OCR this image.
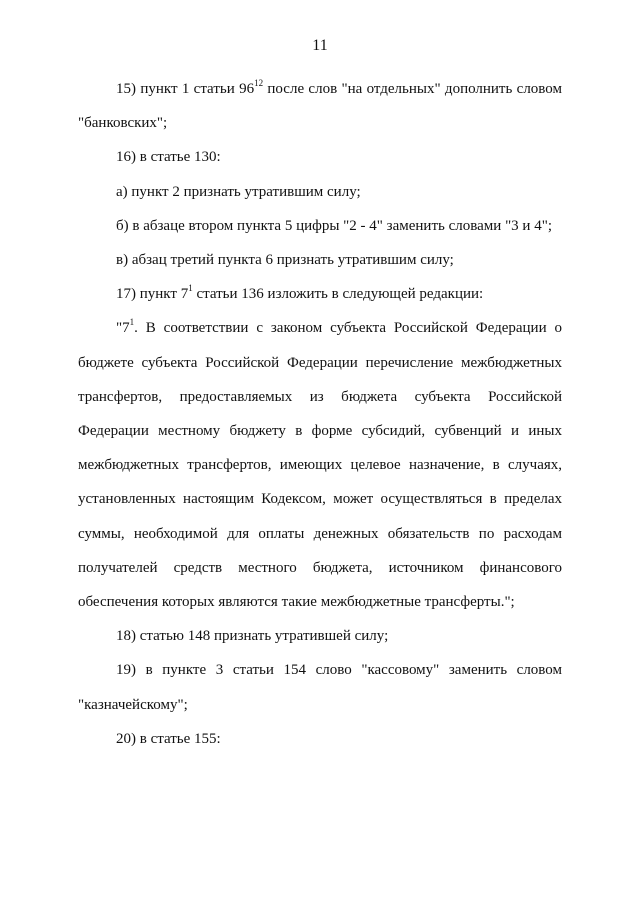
11

15) пункт 1 статьи $96^{12}$ после слов "на отдельных" дополнить словом "банковских";

16) в статье 130:

а) пункт 2 признать утратившим силу;

б) в абзаце втором пункта 5 цифры "2 - 4" заменить словами "3 и 4";

в) абзац третий пункта 6 признать утратившим силу;

17) пункт $7^1$ статьи 136 изложить в следующей редакции:

"$7^1$. В соответствии с законом субъекта Российской Федерации о бюджете субъекта Российской Федерации перечисление межбюджетных трансфертов, предоставляемых из бюджета субъекта Российской Федерации местному бюджету в форме субсидий, субвенций и иных межбюджетных трансфертов, имеющих целевое назначение, в случаях, установленных настоящим Кодексом, может осуществляться в пределах суммы, необходимой для оплаты денежных обязательств по расходам получателей средств местного бюджета, источником финансового обеспечения которых являются такие межбюджетные трансферты.";

18) статью 148 признать утратившей силу;

19) в пункте 3 статьи 154 слово "кассовому" заменить словом "казначейскому";

20) в статье 155:
